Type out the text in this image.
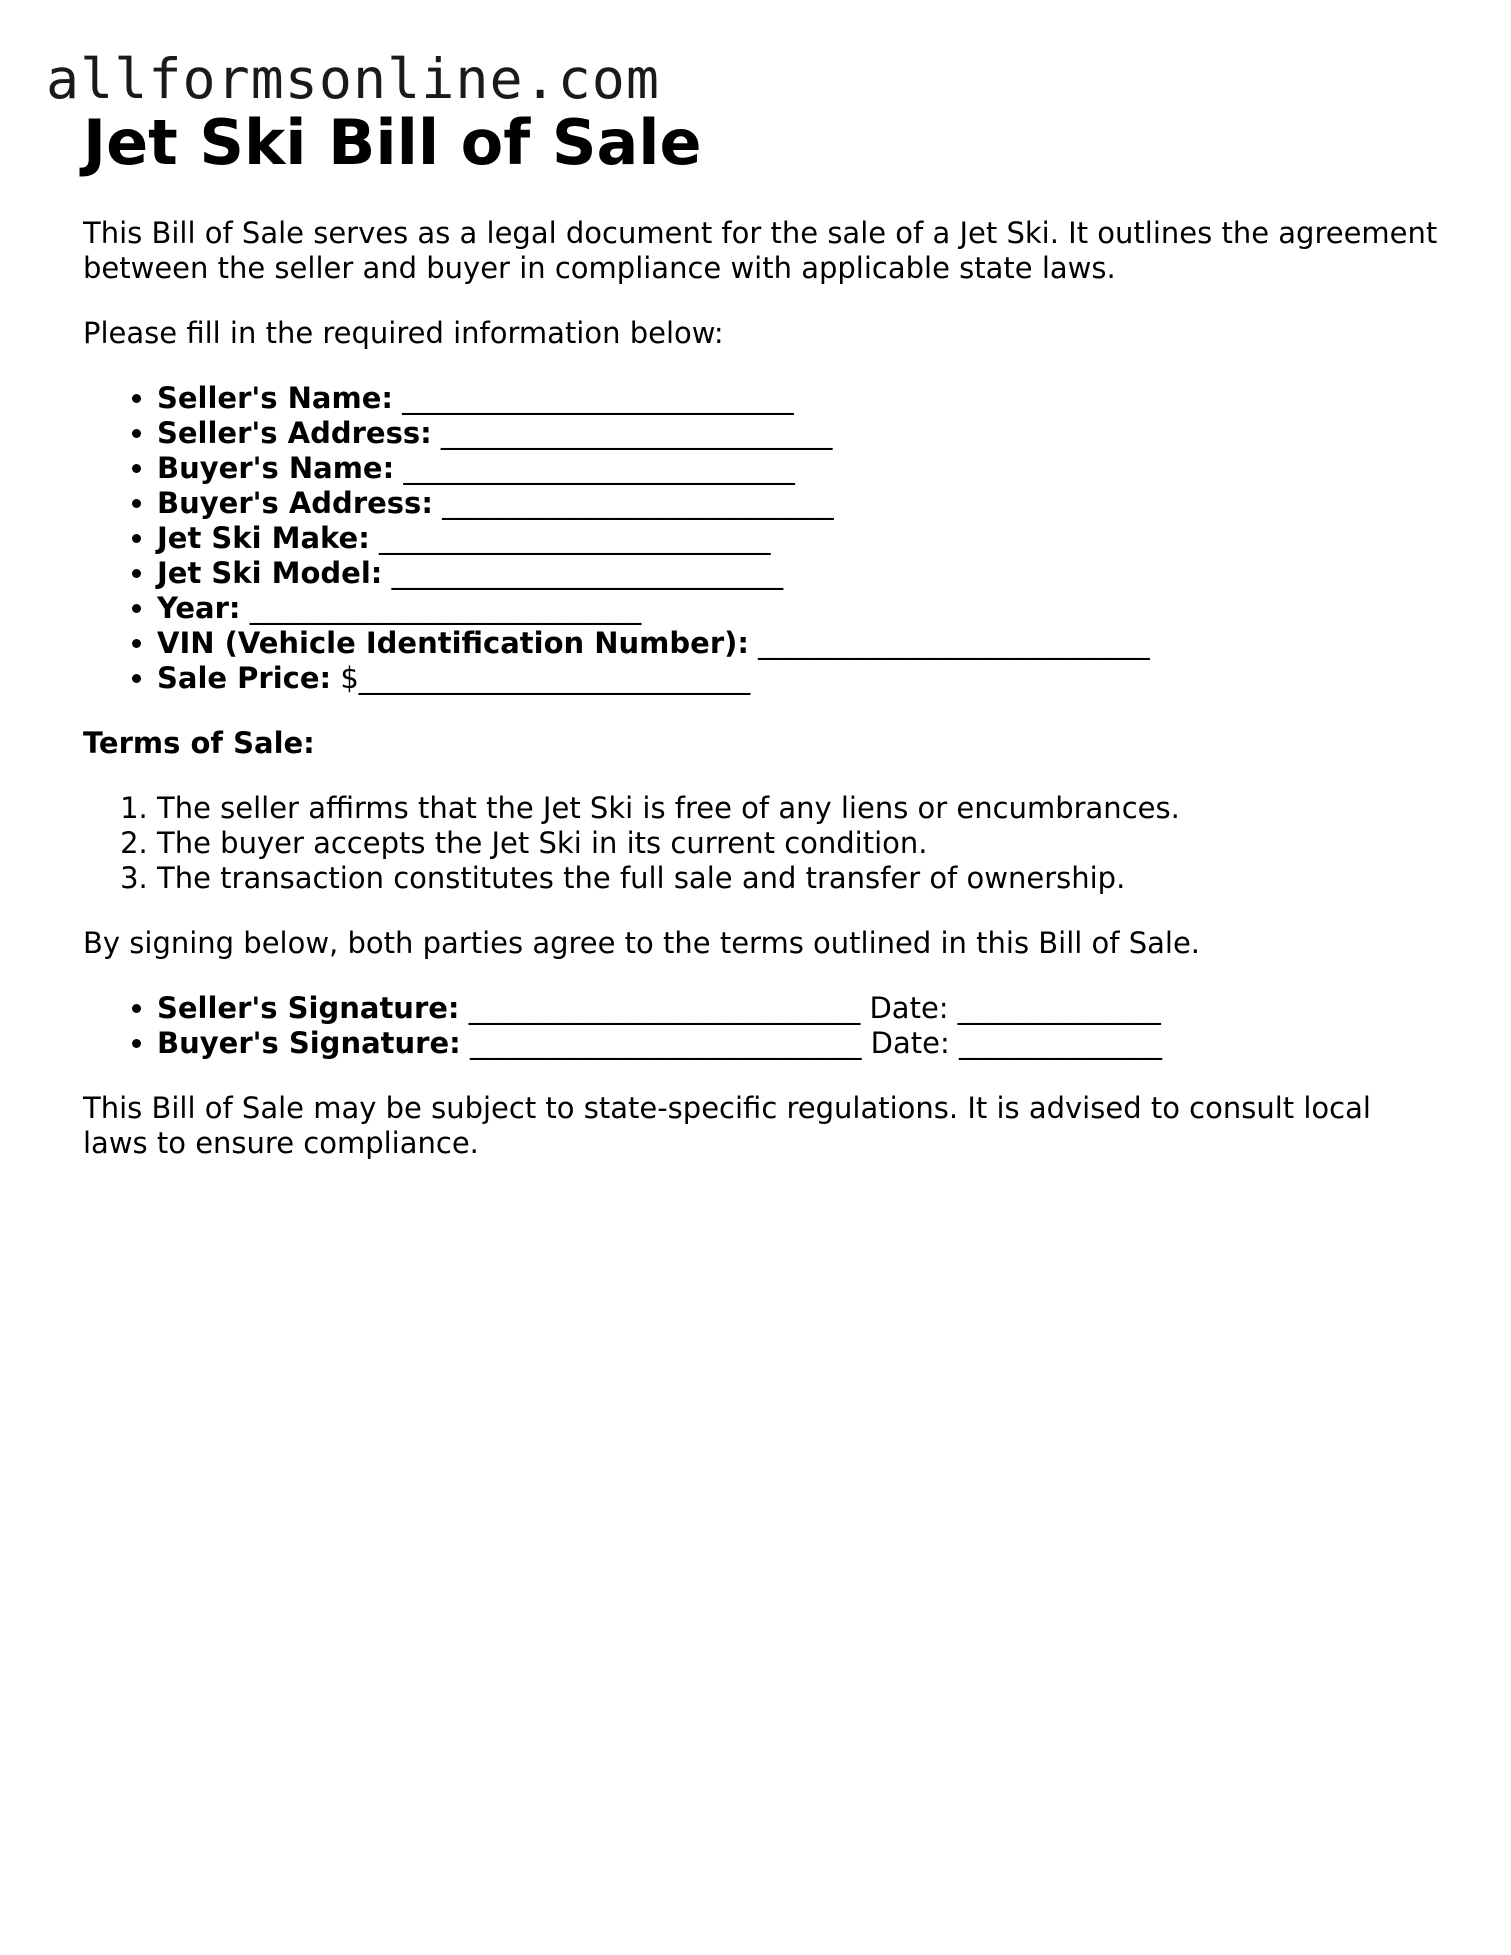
allformsonline.com
Jet Ski Bill of Sale

This Bill of Sale serves as a legal document for the sale of a Jet Ski. It outlines the agreement between the seller and buyer in compliance with applicable state laws.

Please fill in the required information below:

• Seller's Name: ___________________________
• Seller's Address: ___________________________
• Buyer's Name: ___________________________
• Buyer's Address: ___________________________
• Jet Ski Make: ___________________________
• Jet Ski Model: ___________________________
• Year: ___________________________
• VIN (Vehicle Identification Number): ___________________________
• Sale Price: $___________________________

Terms of Sale:

1. The seller affirms that the Jet Ski is free of any liens or encumbrances.
2. The buyer accepts the Jet Ski in its current condition.
3. The transaction constitutes the full sale and transfer of ownership.

By signing below, both parties agree to the terms outlined in this Bill of Sale.

• Seller's Signature: ___________________________ Date: ______________
• Buyer's Signature: ___________________________ Date: ______________

This Bill of Sale may be subject to state-specific regulations. It is advised to consult local laws to ensure compliance.
